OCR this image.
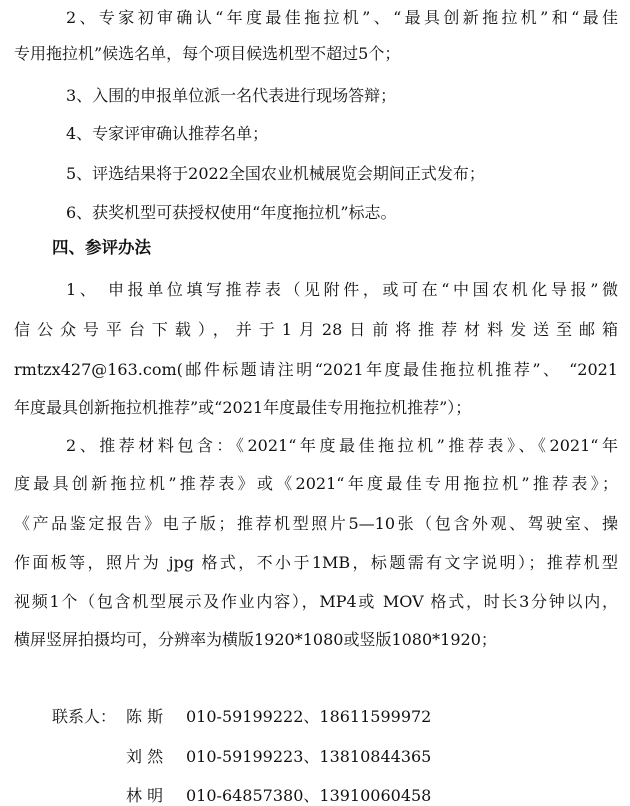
2、专家初审确认“年度最佳拖拉机”、“最具创新拖拉机”和“最佳
专用拖拉机”候选名单，每个项目候选机型不超过5个；
3、入围的申报单位派一名代表进行现场答辩；
4、专家评审确认推荐名单；
5、评选结果将于2022全国农业机械展览会期间正式发布；
6、获奖机型可获授权使用“年度拖拉机”标志。
四、参评办法
1、 申报单位填写推荐表（见附件，或可在“中国农机化导报”微
信公众号平台下载），并于1月28日前将推荐材料发送至邮箱
rmtzx427@163.com(邮件标题请注明“2021年度最佳拖拉机推荐”、 “2021
年度最具创新拖拉机推荐”或“2021年度最佳专用拖拉机推荐”）；
2、推荐材料包含：《2021“年度最佳拖拉机”推荐表》、《2021“年
度最具创新拖拉机”推荐表》或《2021“年度最佳专用拖拉机”推荐表》；
《产品鉴定报告》电子版；推荐机型照片5—10张（包含外观、驾驶室、操
作面板等，照片为 jpg 格式，不小于1MB，标题需有文字说明）；推荐机型
视频1个（包含机型展示及作业内容），MP4或 MOV 格式，时长3分钟以内，
横屏竖屏拍摄均可，分辨率为横版1920*1080或竖版1080*1920；
联系人： 陈 斯 010-59199222、18611599972
刘 然 010-59199223、13810844365
林 明 010-64857380、13910060458
